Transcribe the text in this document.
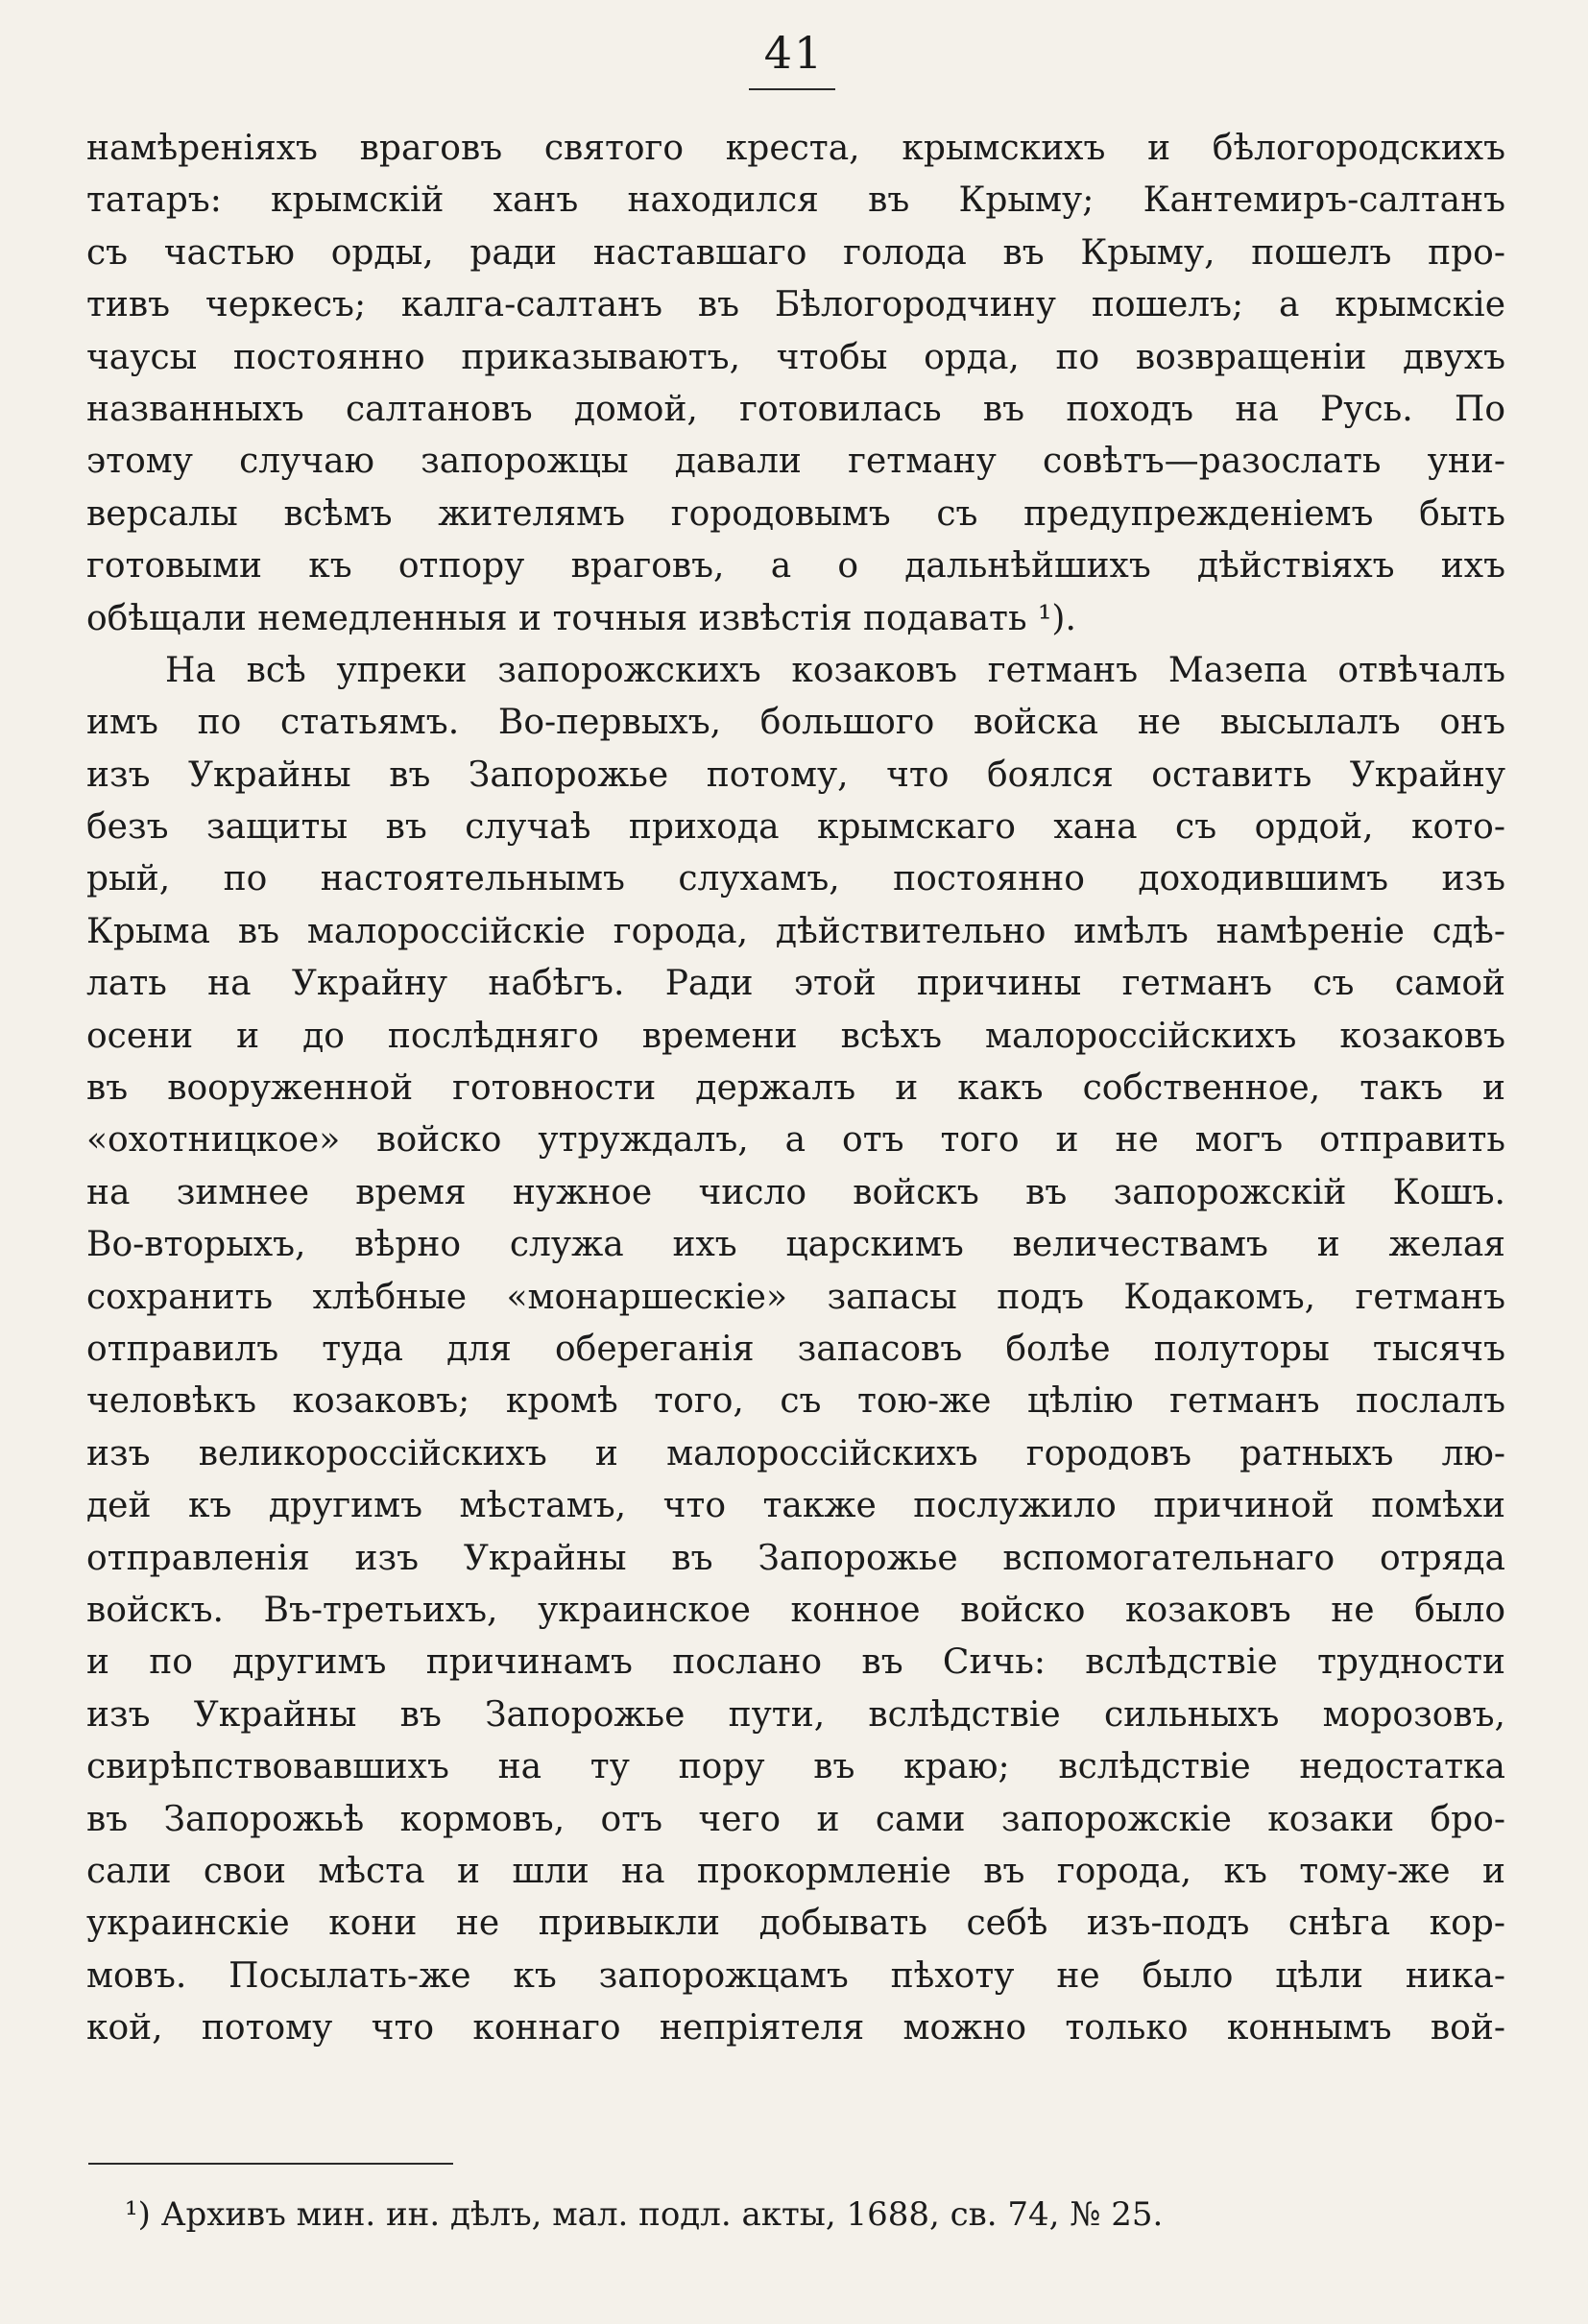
41
намѣреніяхъ враговъ святого креста, крымскихъ и бѣлогородскихъ
татаръ: крымскій ханъ находился въ Крыму; Кантемиръ-салтанъ
съ частью орды, ради наставшаго голода въ Крыму, пошелъ про-
тивъ черкесъ; калга-салтанъ въ Бѣлогородчину пошелъ; а крымскіе
чаусы постоянно приказываютъ, чтобы орда, по возвращеніи двухъ
названныхъ салтановъ домой, готовилась въ походъ на Русь. По
этому случаю запорожцы давали гетману совѣтъ—разослать уни-
версалы всѣмъ жителямъ городовымъ съ предупрежденіемъ быть
готовыми къ отпору враговъ, а о дальнѣйшихъ дѣйствіяхъ ихъ
обѣщали немедленныя и точныя извѣстія подавать ¹).
На всѣ упреки запорожскихъ козаковъ гетманъ Мазепа отвѣчалъ
имъ по статьямъ. Во-первыхъ, большого войска не высылалъ онъ
изъ Украйны въ Запорожье потому, что боялся оставить Украйну
безъ защиты въ случаѣ прихода крымскаго хана съ ордой, кото-
рый, по настоятельнымъ слухамъ, постоянно доходившимъ изъ
Крыма въ малороссійскіе города, дѣйствительно имѣлъ намѣреніе сдѣ-
лать на Украйну набѣгъ. Ради этой причины гетманъ съ самой
осени и до послѣдняго времени всѣхъ малороссійскихъ козаковъ
въ вооруженной готовности держалъ и какъ собственное, такъ и
«охотницкое» войско утруждалъ, а отъ того и не могъ отправить
на зимнее время нужное число войскъ въ запорожскій Кошъ.
Во-вторыхъ, вѣрно служа ихъ царскимъ величествамъ и желая
сохранить хлѣбные «монаршескіе» запасы подъ Кодакомъ, гетманъ
отправилъ туда для обереганія запасовъ болѣе полуторы тысячъ
человѣкъ козаковъ; кромѣ того, съ тою-же цѣлію гетманъ послалъ
изъ великороссійскихъ и малороссійскихъ городовъ ратныхъ лю-
дей къ другимъ мѣстамъ, что также послужило причиной помѣхи
отправленія изъ Украйны въ Запорожье вспомогательнаго отряда
войскъ. Въ-третьихъ, украинское конное войско козаковъ не было
и по другимъ причинамъ послано въ Сичь: вслѣдствіе трудности
изъ Украйны въ Запорожье пути, вслѣдствіе сильныхъ морозовъ,
свирѣпствовавшихъ на ту пору въ краю; вслѣдствіе недостатка
въ Запорожьѣ кормовъ, отъ чего и сами запорожскіе козаки бро-
сали свои мѣста и шли на прокормленіе въ города, къ тому-же и
украинскіе кони не привыкли добывать себѣ изъ-подъ снѣга кор-
мовъ. Посылать-же къ запорожцамъ пѣхоту не было цѣли ника-
кой, потому что коннаго непріятеля можно только коннымъ вой-
¹) Архивъ мин. ин. дѣлъ, мал. подл. акты, 1688, св. 74, № 25.
